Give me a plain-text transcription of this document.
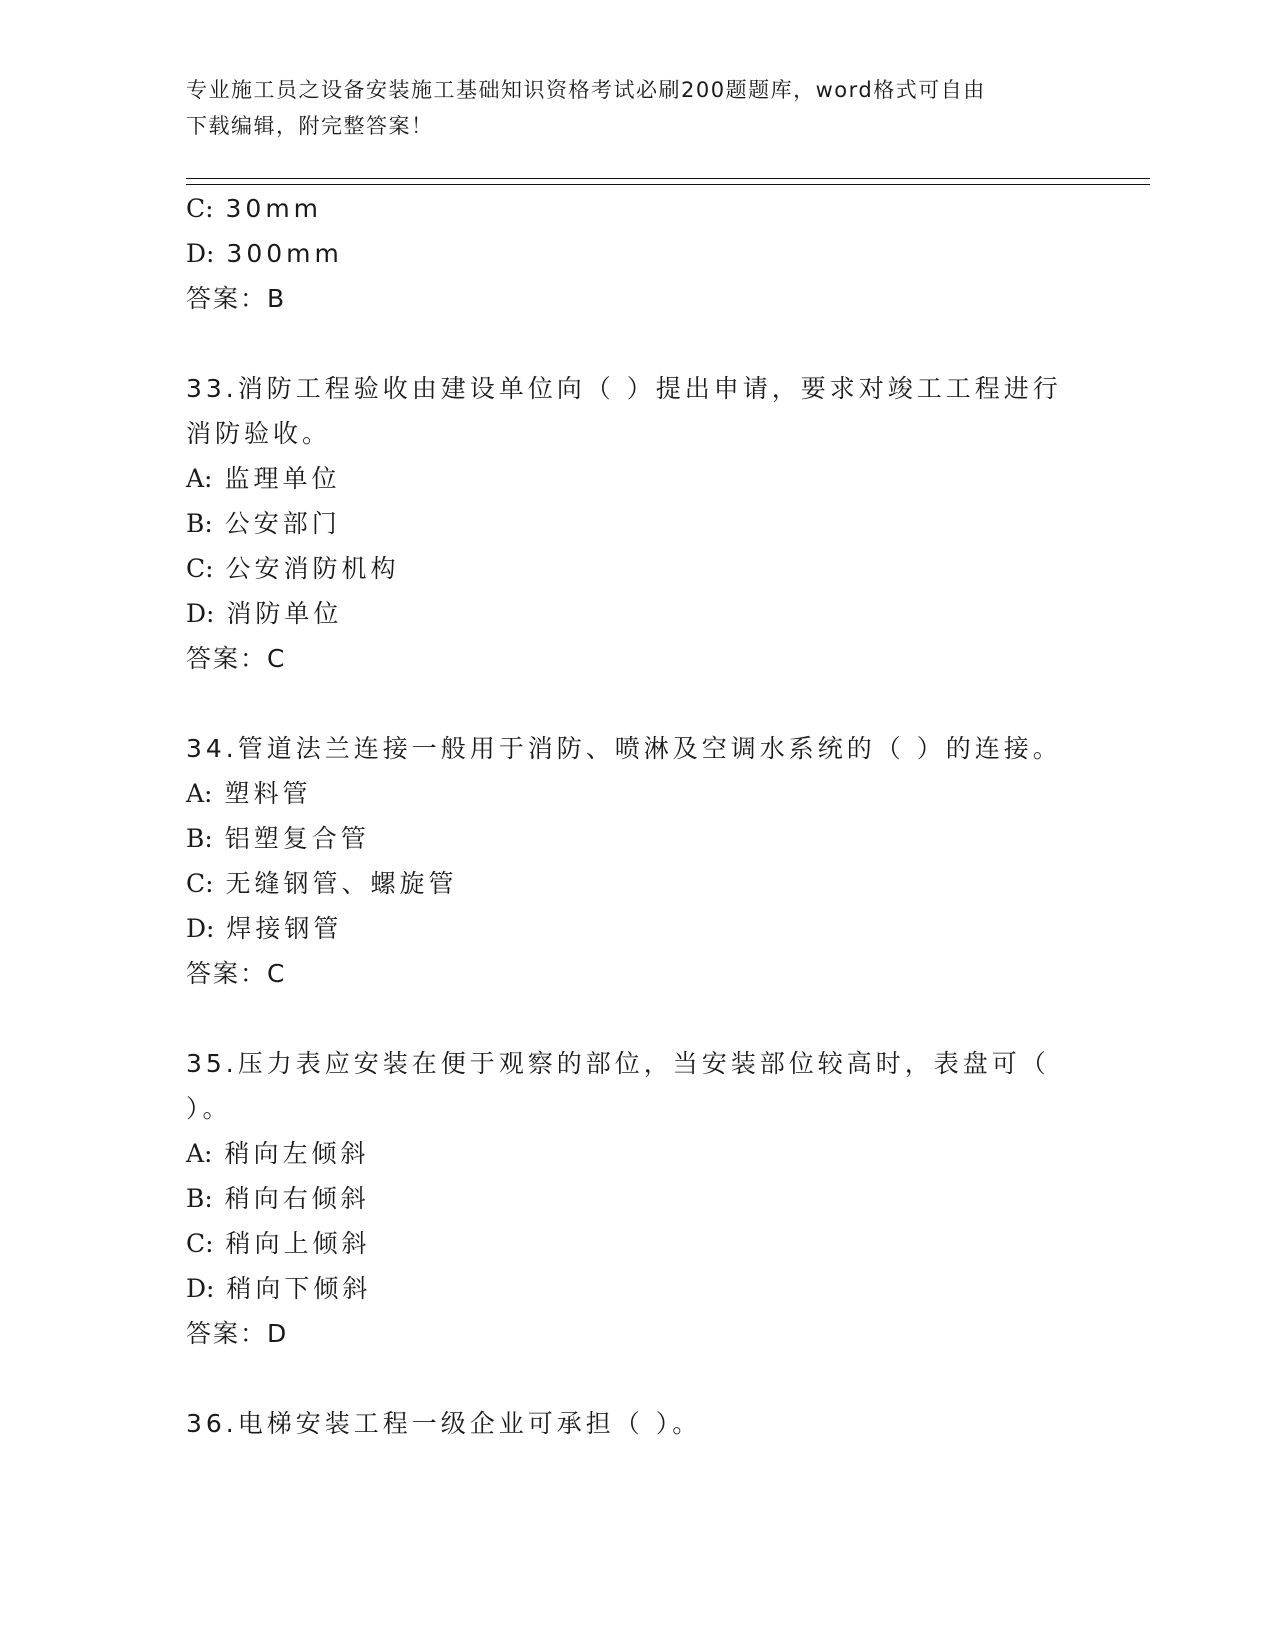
专业施工员之设备安装施工基础知识资格考试必刷200题题库，word格式可自由
下载编辑，附完整答案！
C: 30mm
D: 300mm
答案：B
33.消防工程验收由建设单位向（ ）提出申请，要求对竣工工程进行
消防验收。
A: 监理单位
B: 公安部门
C: 公安消防机构
D: 消防单位
答案：C
34.管道法兰连接一般用于消防、喷淋及空调水系统的（ ）的连接。
A: 塑料管
B: 铝塑复合管
C: 无缝钢管、螺旋管
D: 焊接钢管
答案：C
35.压力表应安装在便于观察的部位，当安装部位较高时，表盘可（
）。
A: 稍向左倾斜
B: 稍向右倾斜
C: 稍向上倾斜
D: 稍向下倾斜
答案：D
36.电梯安装工程一级企业可承担（ ）。
